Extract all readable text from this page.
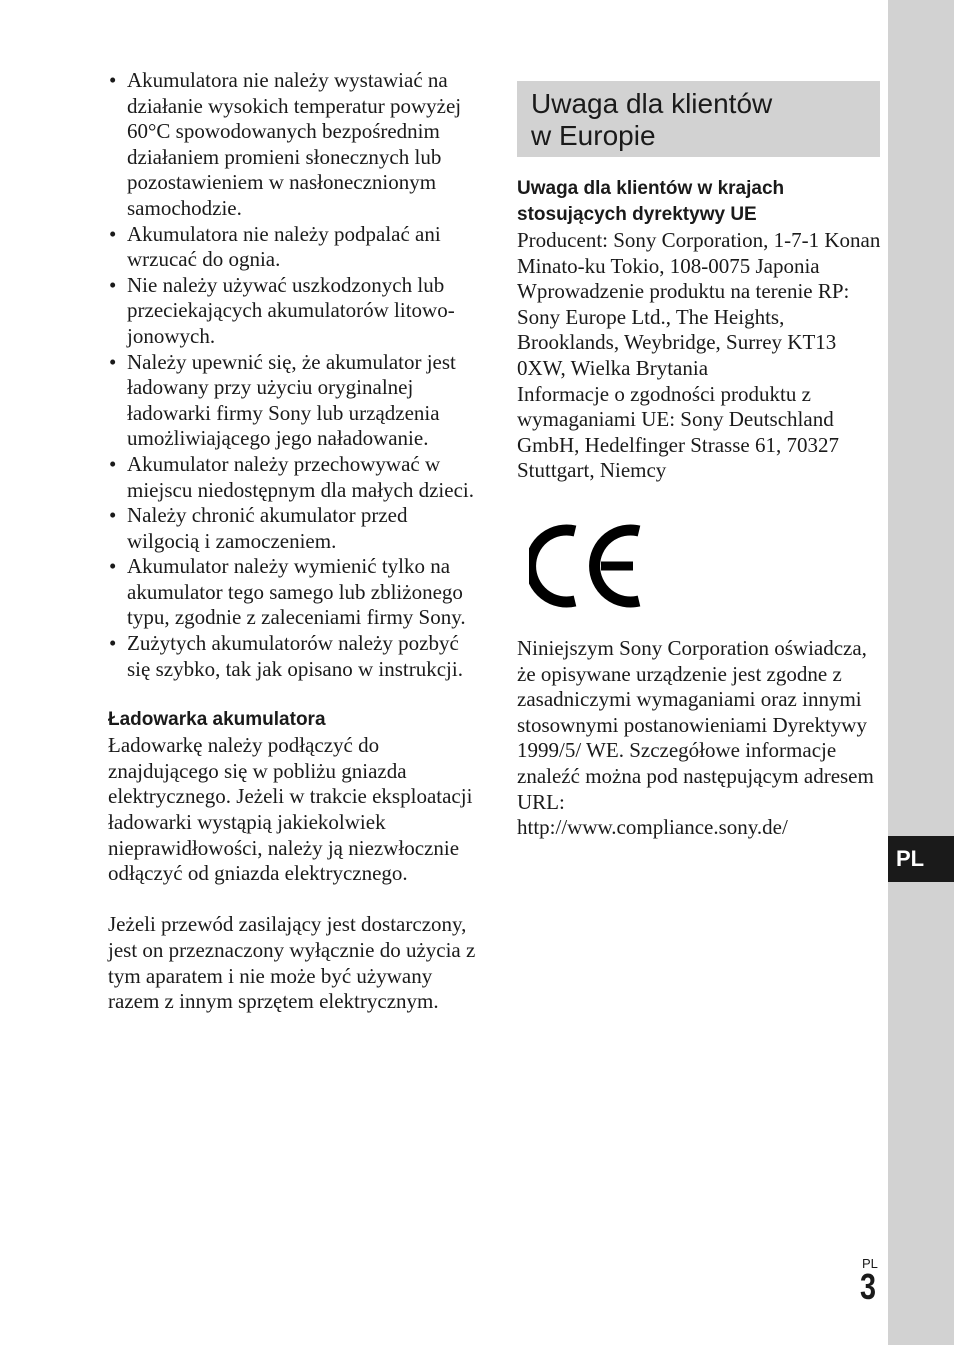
• Akumulatora nie należy wystawiać na działanie wysokich temperatur powyżej 60°C spowodowanych bezpośrednim działaniem promieni słonecznych lub pozostawieniem w nasłonecznionym samochodzie.
• Akumulatora nie należy podpalać ani wrzucać do ognia.
• Nie należy używać uszkodzonych lub przeciekających akumulatorów litowo-jonowych.
• Należy upewnić się, że akumulator jest ładowany przy użyciu oryginalnej ładowarki firmy Sony lub urządzenia umożliwiającego jego naładowanie.
• Akumulator należy przechowywać w miejscu niedostępnym dla małych dzieci.
• Należy chronić akumulator przed wilgocią i zamoczeniem.
• Akumulator należy wymienić tylko na akumulator tego samego lub zbliżonego typu, zgodnie z zaleceniami firmy Sony.
• Zużytych akumulatorów należy pozbyć się szybko, tak jak opisano w instrukcji.
Ładowarka akumulatora

Ładowarkę należy podłączyć do znajdującego się w pobliżu gniazda elektrycznego. Jeżeli w trakcie eksploatacji ładowarki wystąpią jakiekolwiek nieprawidłowości, należy ją niezwłocznie odłączyć od gniazda elektrycznego.

Jeżeli przewód zasilający jest dostarczony, jest on przeznaczony wyłącznie do użycia z tym aparatem i nie może być używany razem z innym sprzętem elektrycznym.

Uwaga dla klientów
w Europie
Uwaga dla klientów w krajach stosujących dyrektywy UE

Producent: Sony Corporation, 1-7-1 Konan Minato-ku Tokio, 108-0075 Japonia

Wprowadzenie produktu na terenie RP: Sony Europe Ltd., The Heights, Brooklands, Weybridge, Surrey KT13 0XW, Wielka Brytania

Informacje o zgodności produktu z wymaganiami UE: Sony Deutschland GmbH, Hedelfinger Strasse 61, 70327 Stuttgart, Niemcy

Niniejszym Sony Corporation oświadcza, że opisywane urządzenie jest zgodne z zasadniczymi wymaganiami oraz innymi stosownymi postanowieniami Dyrektywy 1999/5/ WE. Szczegółowe informacje znaleźć można pod następującym adresem URL:

http://www.compliance.sony.de/

PL
PL
3
